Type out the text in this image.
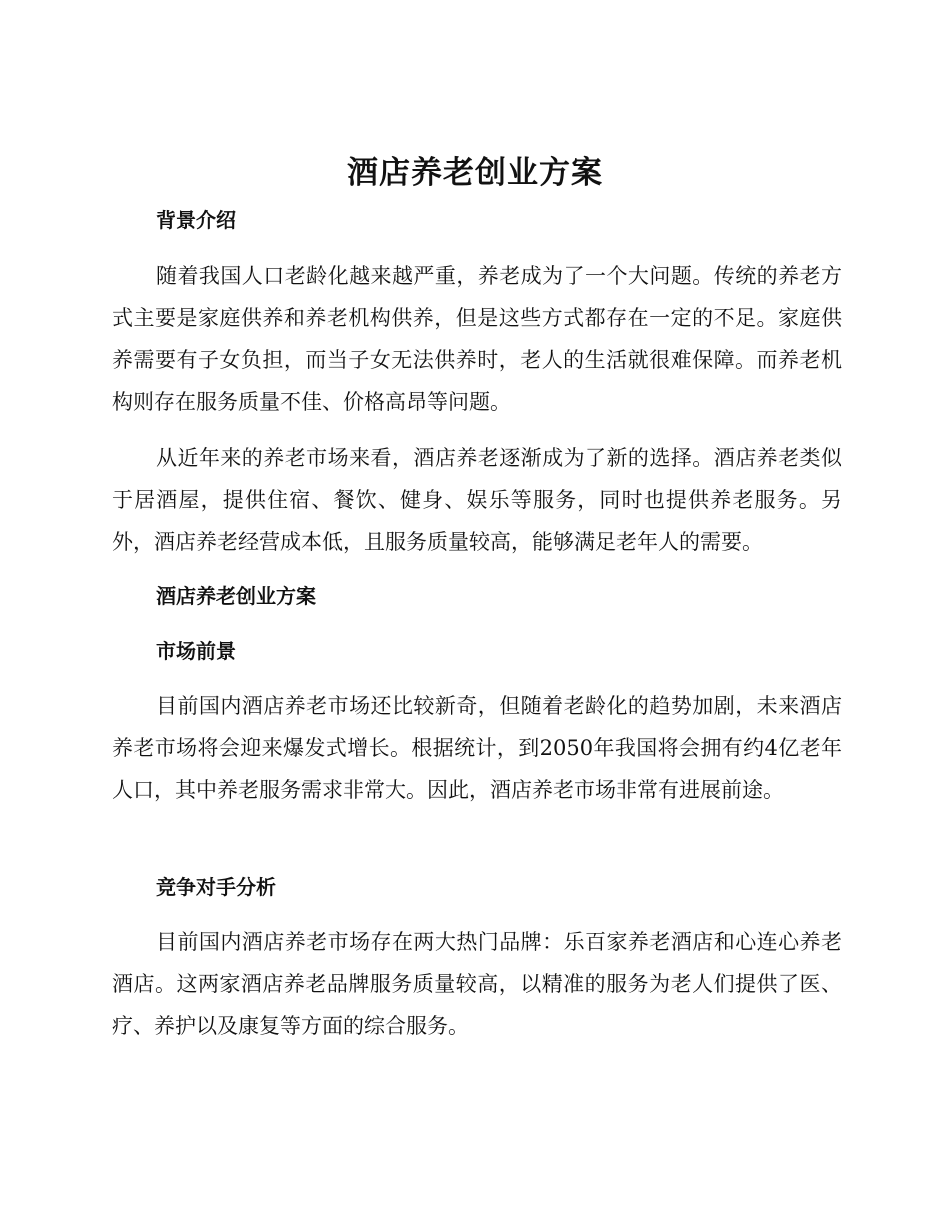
酒店养老创业方案
背景介绍

随着我国人口老龄化越来越严重，养老成为了一个大问题。传统的养老方式主要是家庭供养和养老机构供养，但是这些方式都存在一定的不足。家庭供养需要有子女负担，而当子女无法供养时，老人的生活就很难保障。而养老机构则存在服务质量不佳、价格高昂等问题。

从近年来的养老市场来看，酒店养老逐渐成为了新的选择。酒店养老类似于居酒屋，提供住宿、餐饮、健身、娱乐等服务，同时也提供养老服务。另外，酒店养老经营成本低，且服务质量较高，能够满足老年人的需要。

酒店养老创业方案
市场前景

目前国内酒店养老市场还比较新奇，但随着老龄化的趋势加剧，未来酒店养老市场将会迎来爆发式增长。根据统计，到2050年我国将会拥有约4亿老年人口，其中养老服务需求非常大。因此，酒店养老市场非常有进展前途。

竞争对手分析

目前国内酒店养老市场存在两大热门品牌：乐百家养老酒店和心连心养老酒店。这两家酒店养老品牌服务质量较高，以精准的服务为老人们提供了医、疗、养护以及康复等方面的综合服务。
